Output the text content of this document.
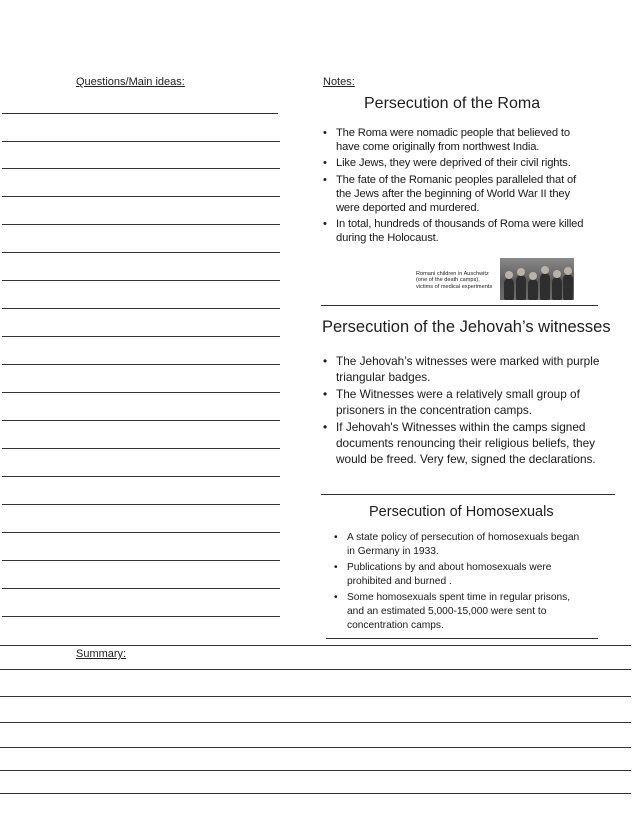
Questions/Main ideas:	Notes:
Persecution of the Roma
• The Roma were nomadic people that believed to have come originally from northwest India.
• Like Jews, they were deprived of their civil rights.
• The fate of the Romanic peoples paralleled that of the Jews after the beginning of World War II they were deported and murdered.
• In total, hundreds of thousands of Roma were killed during the Holocaust.
Romani children in Auschwitz
(one of the death camps),
victims of medical experiments
Persecution of the Jehovah’s witnesses
• The Jehovah’s witnesses were marked with purple triangular badges.
• The Witnesses were a relatively small group of prisoners in the concentration camps.
• If Jehovah's Witnesses within the camps signed documents renouncing their religious beliefs, they would be freed. Very few, signed the declarations.
Persecution of Homosexuals
• A state policy of persecution of homosexuals began in Germany in 1933.
• Publications by and about homosexuals were prohibited and burned .
• Some homosexuals spent time in regular prisons, and an estimated 5,000-15,000 were sent to concentration camps.
Summary:
